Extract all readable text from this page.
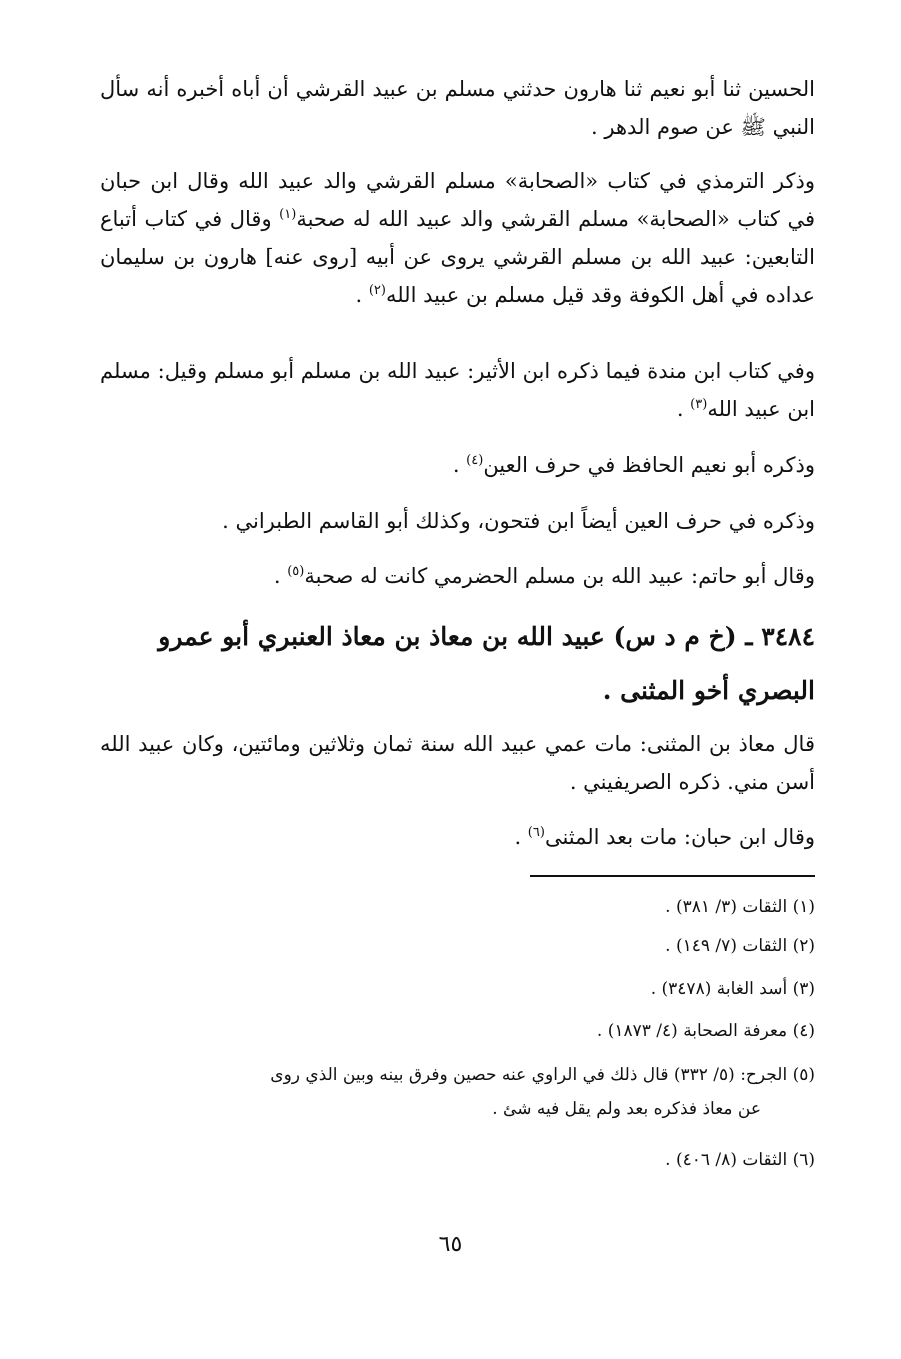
الحسين ثنا أبو نعيم ثنا هارون حدثني مسلم بن عبيد القرشي أن أباه أخبره أنه سأل النبي ﷺ عن صوم الدهر .

وذكر الترمذي في كتاب «الصحابة» مسلم القرشي والد عبيد الله وقال ابن حبان في كتاب «الصحابة» مسلم القرشي والد عبيد الله له صحبة$^{(١)}$ وقال في كتاب أتباع التابعين: عبيد الله بن مسلم القرشي يروى عن أبيه [روى عنه] هارون بن سليمان عداده في أهل الكوفة وقد قيل مسلم بن عبيد الله$^{(٢)}$ .

وفي كتاب ابن مندة فيما ذكره ابن الأثير: عبيد الله بن مسلم أبو مسلم وقيل: مسلم ابن عبيد الله$^{(٣)}$ .

وذكره أبو نعيم الحافظ في حرف العين$^{(٤)}$ .

وذكره في حرف العين أيضاً ابن فتحون، وكذلك أبو القاسم الطبراني .

وقال أبو حاتم: عبيد الله بن مسلم الحضرمي كانت له صحبة$^{(٥)}$ .

٣٤٨٤ ـ (خ م د س) عبيد الله بن معاذ بن معاذ العنبري أبو عمرو البصري أخو المثنى .

قال معاذ بن المثنى: مات عمي عبيد الله سنة ثمان وثلاثين ومائتين، وكان عبيد الله أسن مني. ذكره الصريفيني .

وقال ابن حبان: مات بعد المثنى$^{(٦)}$ .

(١) الثقات (٣/ ٣٨١) .
(٢) الثقات (٧/ ١٤٩) .
(٣) أسد الغابة (٣٤٧٨) .
(٤) معرفة الصحابة (٤/ ١٨٧٣) .
(٥) الجرح: (٥/ ٣٣٢) قال ذلك في الراوي عنه حصين وفرق بينه وبين الذي روى
عن معاذ فذكره بعد ولم يقل فيه شئ .
(٦) الثقات (٨/ ٤٠٦) .
٦٥
